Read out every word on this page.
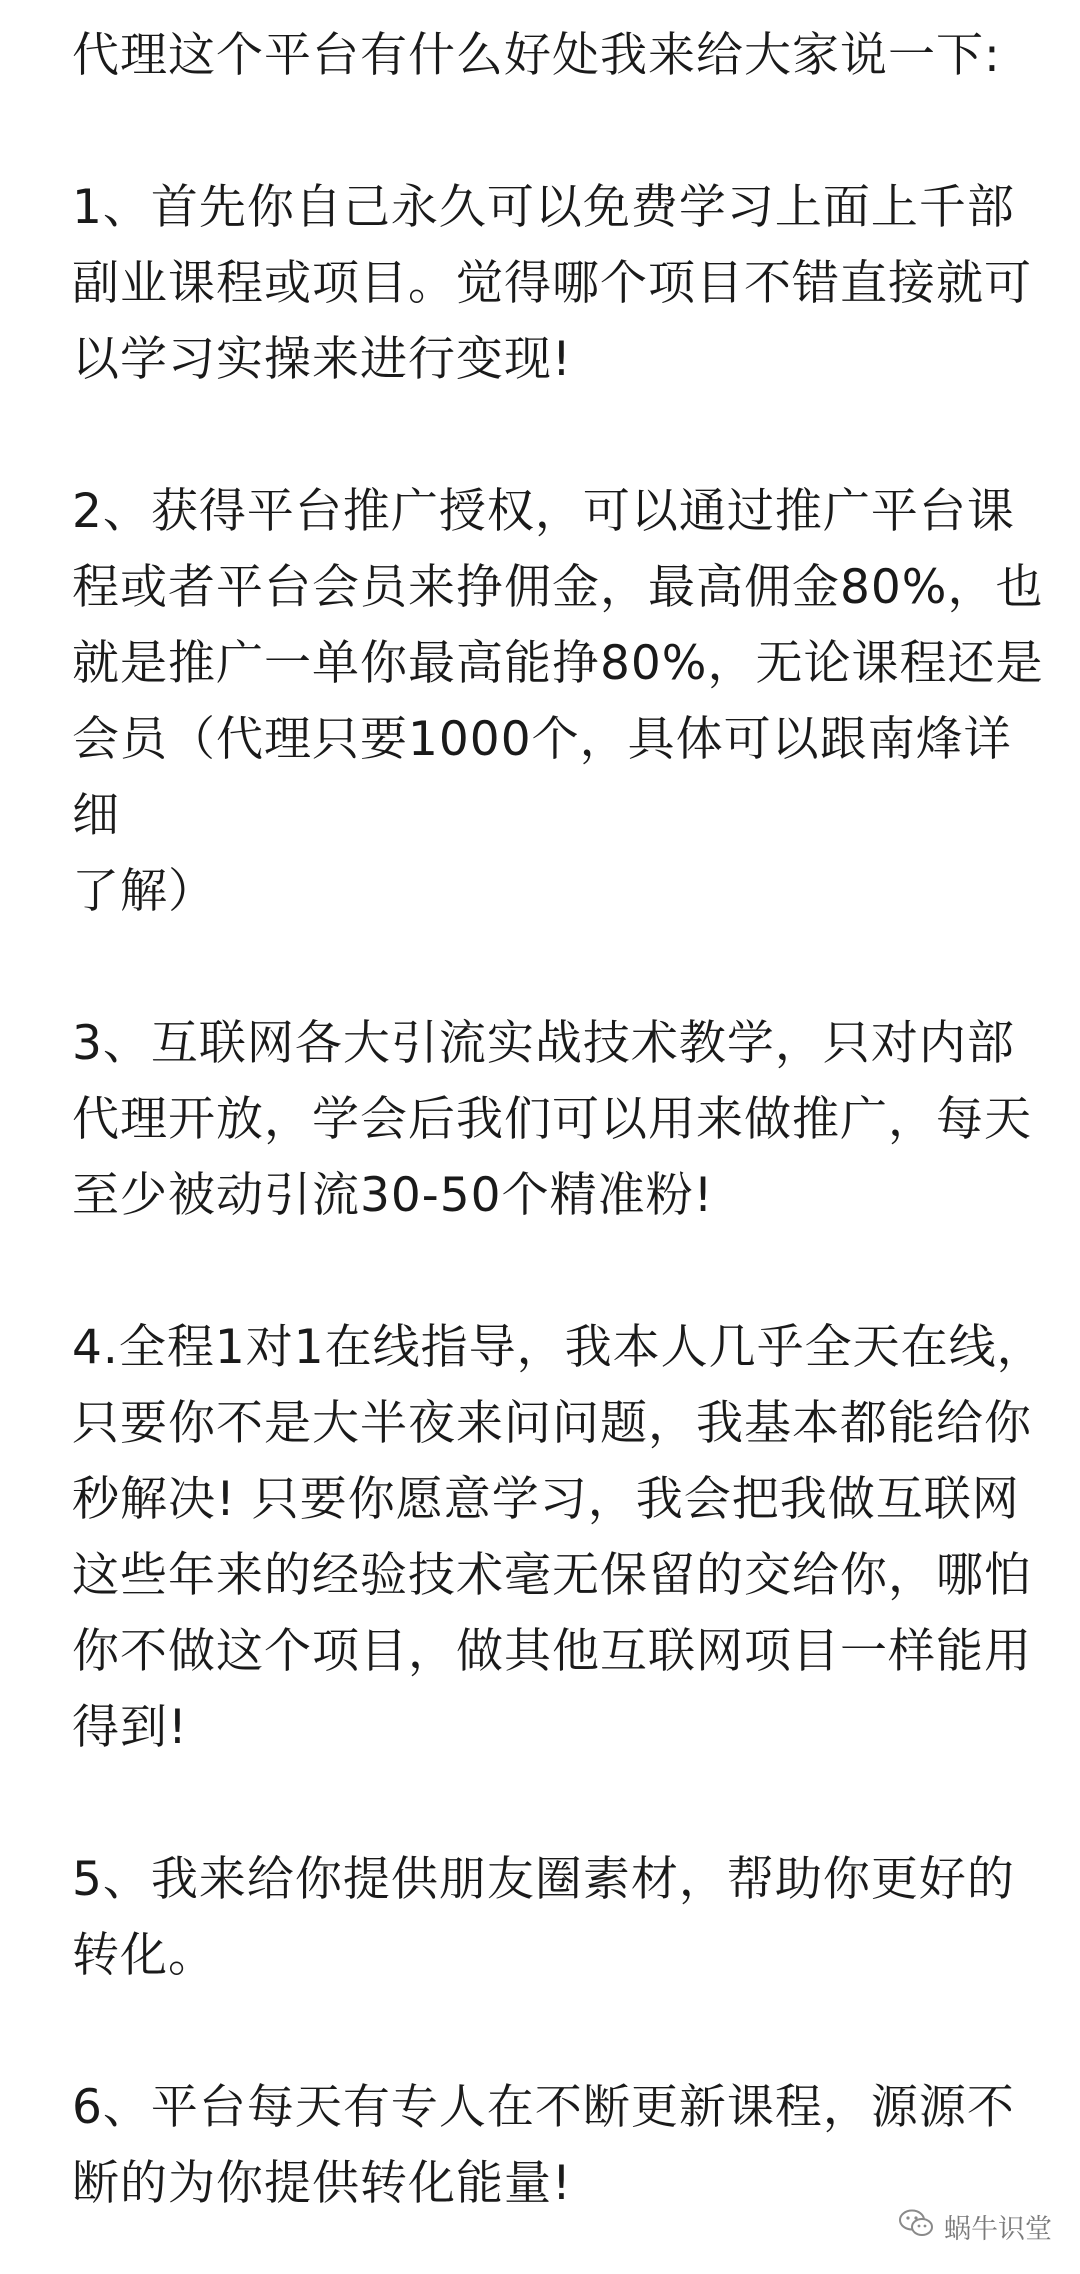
代理这个平台有什么好处我来给大家说一下:

1、首先你自己永久可以免费学习上面上千部
副业课程或项目。觉得哪个项目不错直接就可
以学习实操来进行变现!

2、获得平台推广授权，可以通过推广平台课
程或者平台会员来挣佣金，最高佣金80%，也
就是推广一单你最高能挣80%，无论课程还是
会员（代理只要1000个，具体可以跟南烽详细
了解）

3、互联网各大引流实战技术教学，只对内部
代理开放，学会后我们可以用来做推广，每天
至少被动引流30-50个精准粉!

4.全程1对1在线指导，我本人几乎全天在线，
只要你不是大半夜来问问题，我基本都能给你
秒解决! 只要你愿意学习，我会把我做互联网
这些年来的经验技术毫无保留的交给你，哪怕
你不做这个项目，做其他互联网项目一样能用
得到!

5、我来给你提供朋友圈素材，帮助你更好的
转化。

6、平台每天有专人在不断更新课程，源源不
断的为你提供转化能量!

蜗牛识堂
